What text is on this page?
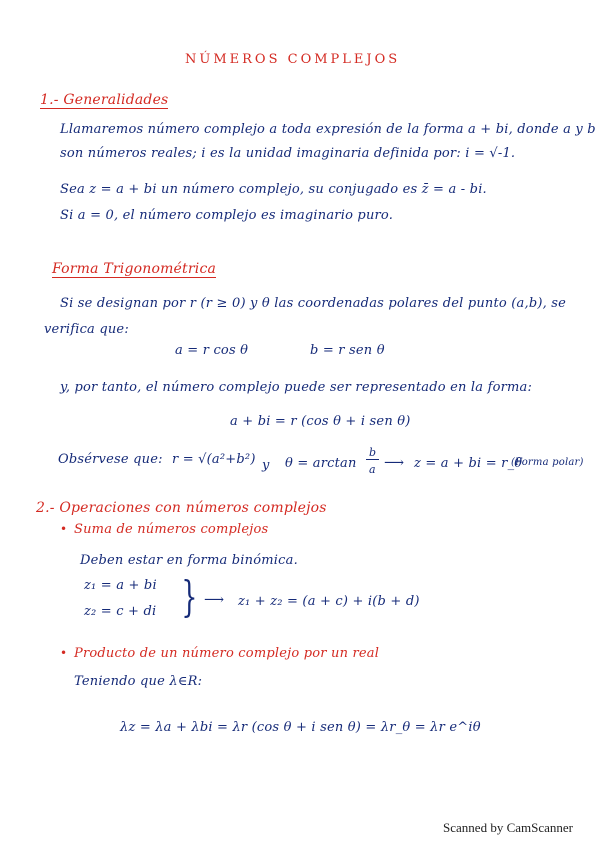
NÚMEROS COMPLEJOS
1.- Generalidades
Llamaremos número complejo a toda expresión de la forma a + bi, donde a y b
son números reales; i es la unidad imaginaria definida por: i = √-1.
Sea z = a + bi un número complejo, su conjugado es z̄ = a - bi.
Si a = 0, el número complejo es imaginario puro.
Forma Trigonométrica
Si se designan por r (r ≥ 0) y θ las coordenadas polares del punto (a,b), se
verifica que:
a = r cos θ	b = r sen θ
y, por tanto, el número complejo puede ser representado en la forma:
a + bi = r (cos θ + i sen θ)
Obsérvese que: r = √(a²+b²) y θ = arctan
b
a ⟶ z = a + bi = r_θ
(Forma polar)
2.- Operaciones con números complejos
• Suma de números complejos
Deben estar en forma binómica.
z₁ = a + bi
z₂ = c + di } ⟶ z₁ + z₂ = (a + c) + i(b + d)
• Producto de un número complejo por un real
Teniendo que λ∈R:
λz = λa + λbi = λr (cos θ + i sen θ) = λr_θ = λr e^iθ
Scanned by CamScanner
